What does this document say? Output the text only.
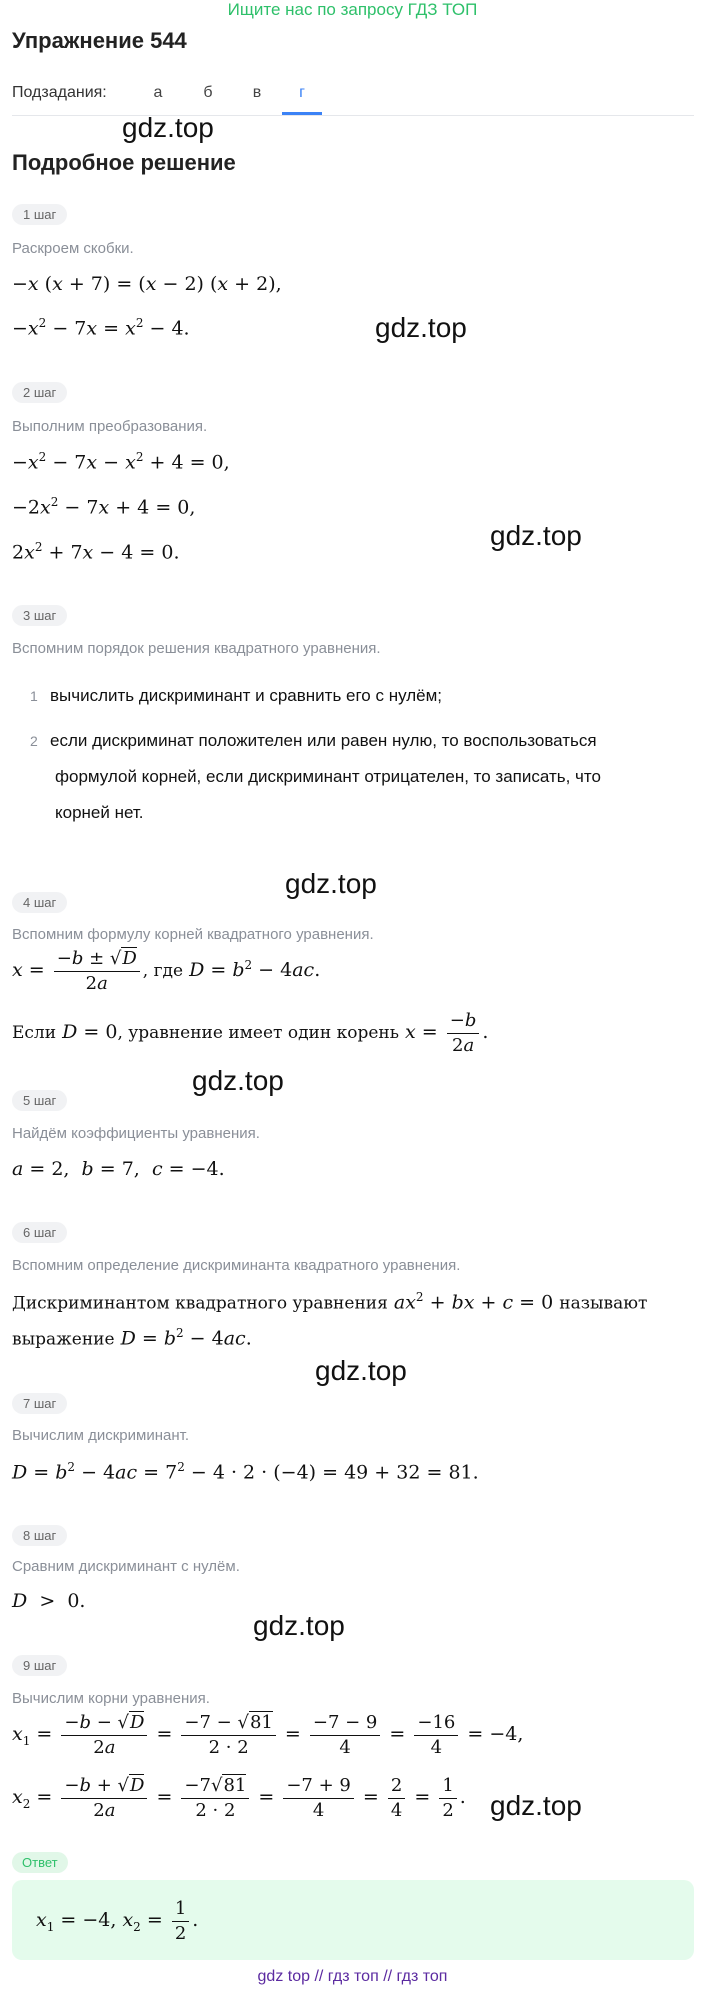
Ищите нас по запросу ГДЗ ТОП
Упражнение 544
Подзадания:	а	б	в	г
gdz.top
Подробное решение
1 шаг
Раскроем скобки.
−x (x + 7) = (x − 2) (x + 2),
$-x^2 - 7x = x^2 - 4$.	gdz.top
2 шаг
Выполним преобразования.
$-x^2 - 7x - x^2 + 4 = 0$,
$-2x^2 - 7x + 4 = 0$,
$2x^2 + 7x - 4 = 0$.
gdz.top
3 шаг
Вспомним порядок решения квадратного уравнения.
1 вычислить дискриминант и сравнить его с нулём;
2 если дискриминат положителен или равен нулю, то воспользоваться
формулой корней, если дискриминант отрицателен, то записать, что
корней нет.
gdz.top
4 шаг
Вспомним формулу корней квадратного уравнения.
$x = \frac{-b \pm √D}{2a}$ , где $D = b^2 - 4ac$.
Если D = 0, уравнение имеет один корень $x = \frac{-b}{2a}$ .
gdz.top
5 шаг
Найдём коэффициенты уравнения.
a = 2,  b = 7,  c = −4.
6 шаг
Вспомним определение дискриминанта квадратного уравнения.
Дискриминантом квадратного уравнения $ax^2$ + bx + c = 0 называют
выражение $D = b^2 - 4ac$.
gdz.top
7 шаг
Вычислим дискриминант.
$D = b^2 - 4ac = 7^2 - 4 \cdot 2 \cdot (-4) = 49 + 32 = 81$.
8 шаг
Сравним дискриминант с нулём.
D  >  0.
gdz.top
9 шаг
Вычислим корни уравнения.
$x_1 = \frac{-b - √D}{2a} = \frac{-7 - √81}{2 \cdot 2} = \frac{-7 - 9}{4} = \frac{-16}{4} = -4$,
$x_2 = \frac{-b + √D}{2a} = \frac{-7√81}{2 \cdot 2} = \frac{-7 + 9}{4} = \frac{2}{4} = \frac{1}{2}$ . gdz.top
Ответ
$x_1 = -4$, $x_2 = \frac{1}{2}$ .
gdz top // гдз топ // гдз топ
